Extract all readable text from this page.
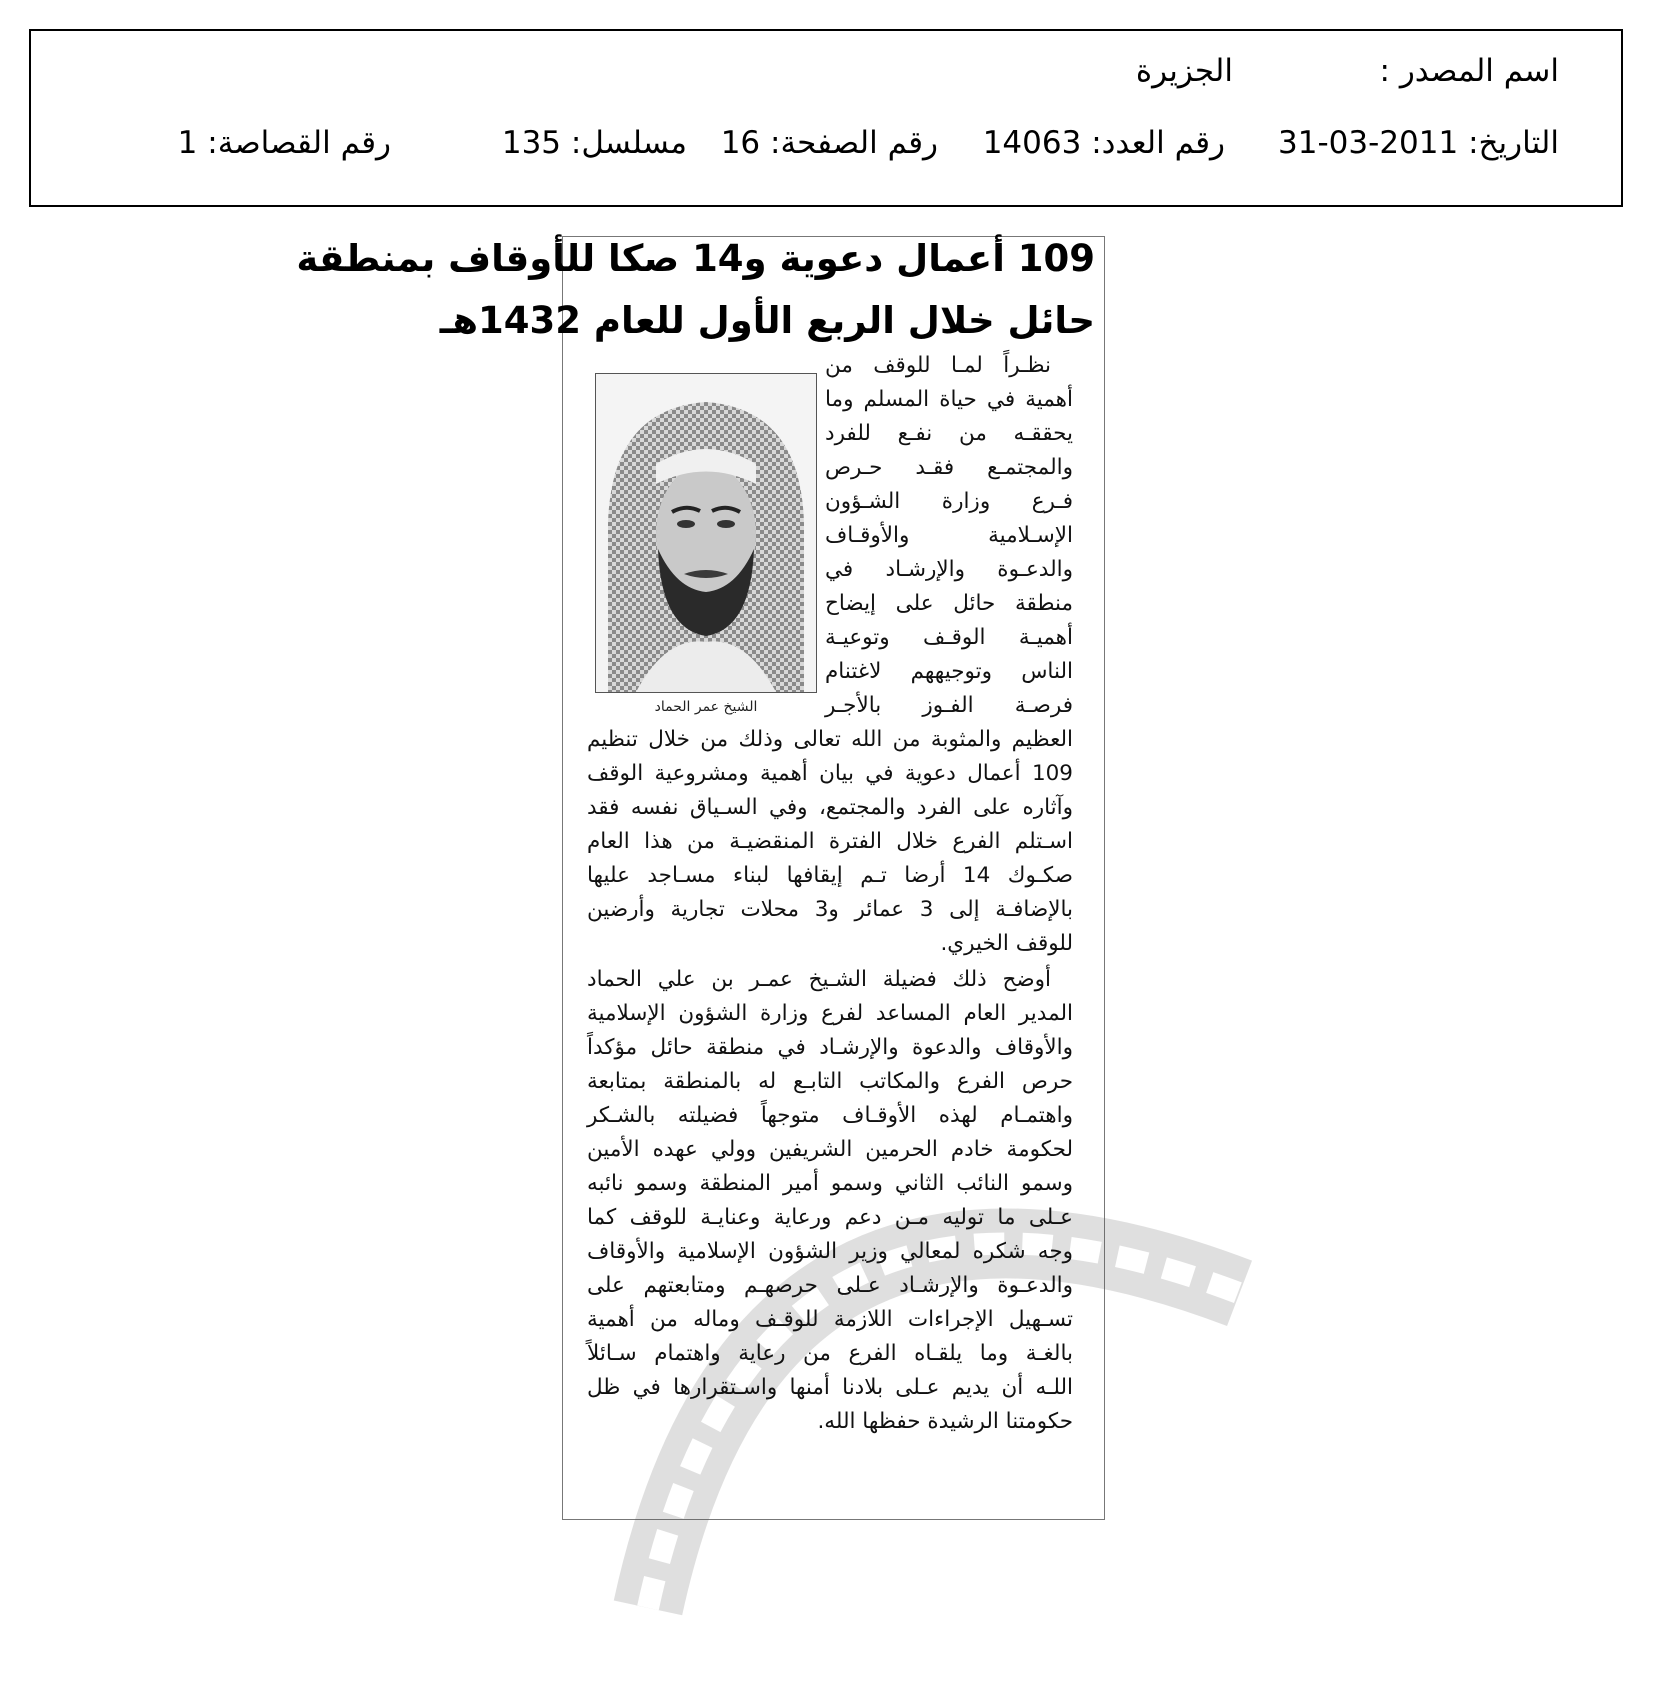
اسم المصدر :
الجزيرة
التاريخ: 2011-03-31
رقم العدد: 14063
رقم الصفحة: 16
مسلسل: 135
رقم القصاصة: 1
109 أعمال دعوية و14 صكا للأوقاف بمنطقة
حائل خلال الربع الأول للعام 1432هـ
الشيخ عمر الحماد
نظـراً لمـا للوقف من
أهمية في حياة المسلم وما
يحققـه من نفـع للفرد
والمجتمـع فقـد حـرص
فـرع وزارة الشـؤون
الإسـلامية والأوقـاف
والدعـوة والإرشـاد في
منطقة حائل على إيضاح
أهميـة الوقـف وتوعيـة
الناس وتوجيههم لاغتنام
فرصـة الفـوز بالأجـر
العظيم والمثوبة من الله تعالى وذلك من خلال تنظيم
109 أعمال دعوية في بيان أهمية ومشروعية الوقف
وآثاره على الفرد والمجتمع، وفي السـياق نفسه فقد
اسـتلم الفرع خلال الفترة المنقضيـة من هذا العام
صكـوك 14 أرضا تـم إيقافها لبناء مسـاجد عليها
بالإضافـة إلى 3 عمائر و3 محلات تجارية وأرضين
للوقف الخيري.
أوضح ذلك فضيلة الشـيخ عمـر بن علي الحماد
المدير العام المساعد لفرع وزارة الشؤون الإسلامية
والأوقاف والدعوة والإرشـاد في منطقة حائل مؤكداً
حرص الفرع والمكاتب التابـع له بالمنطقة بمتابعة
واهتمـام لهذه الأوقـاف متوجهاً فضيلته بالشـكر
لحكومة خادم الحرمين الشريفين وولي عهده الأمين
وسمو النائب الثاني وسمو أمير المنطقة وسمو نائبه
عـلى ما توليه مـن دعم ورعاية وعنايـة للوقف كما
وجه شكره لمعالي وزير الشؤون الإسلامية والأوقاف
والدعـوة والإرشـاد عـلى حرصهـم ومتابعتهم على
تسـهيل الإجراءات اللازمة للوقـف وماله من أهمية
بالغـة وما يلقـاه الفرع من رعاية واهتمام سـائلاً
اللـه أن يديم عـلى بلادنا أمنها واسـتقرارها في ظل
حكومتنا الرشيدة حفظها الله.
